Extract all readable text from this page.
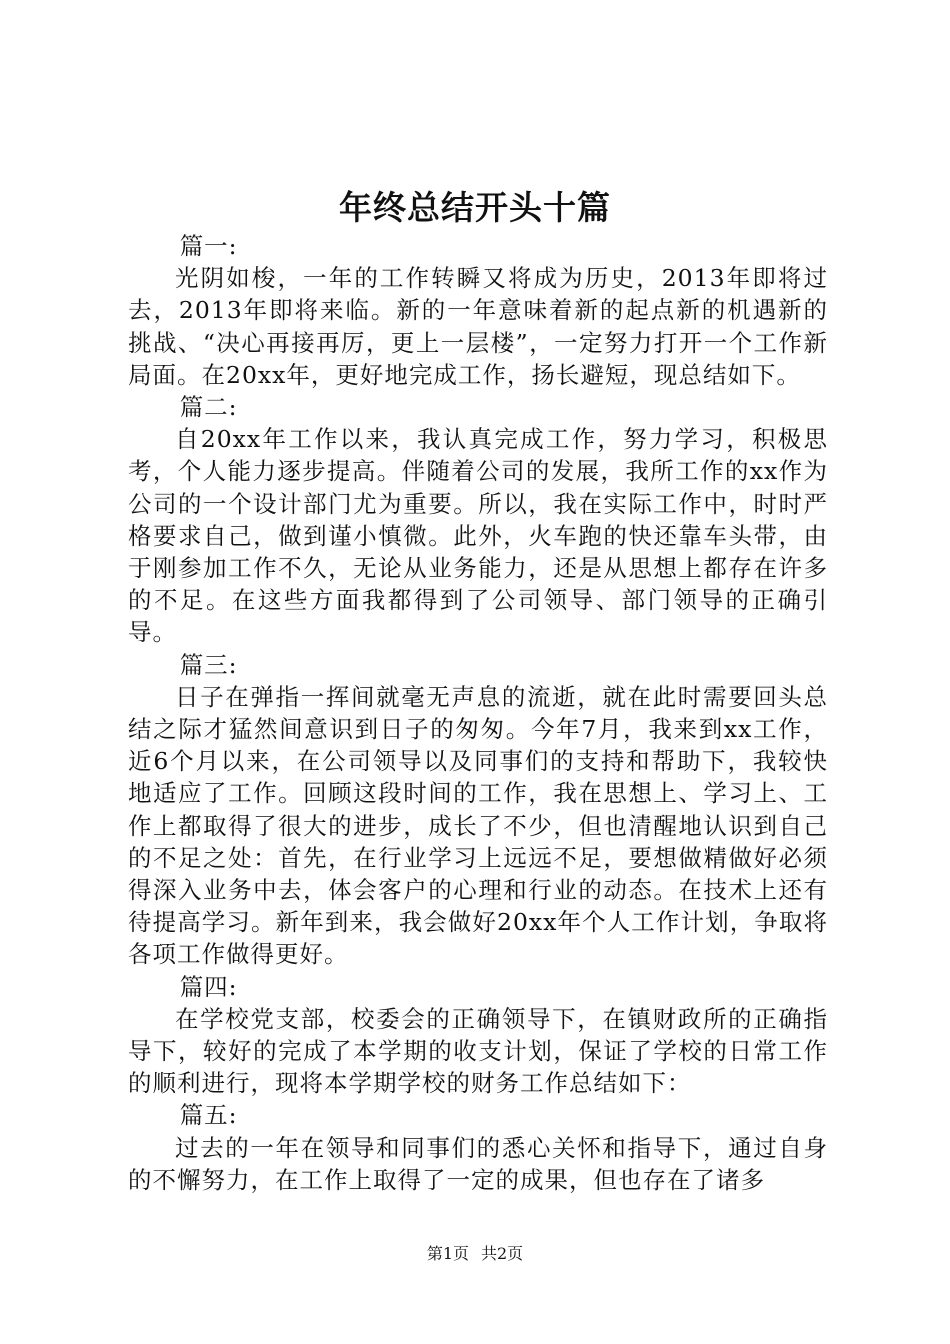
年终总结开头十篇

篇一:

光阴如梭，一年的工作转瞬又将成为历史，2013年即将过去，2013年即将来临。新的一年意味着新的起点新的机遇新的挑战、“决心再接再厉，更上一层楼”，一定努力打开一个工作新局面。在20xx年，更好地完成工作，扬长避短，现总结如下。

篇二:

自20xx年工作以来，我认真完成工作，努力学习，积极思考，个人能力逐步提高。伴随着公司的发展，我所工作的xx作为公司的一个设计部门尤为重要。所以，我在实际工作中，时时严格要求自己，做到谨小慎微。此外，火车跑的快还靠车头带，由于刚参加工作不久，无论从业务能力，还是从思想上都存在许多的不足。在这些方面我都得到了公司领导、部门领导的正确引导。

篇三:

日子在弹指一挥间就毫无声息的流逝，就在此时需要回头总结之际才猛然间意识到日子的匆匆。今年7月，我来到xx工作，近6个月以来，在公司领导以及同事们的支持和帮助下，我较快地适应了工作。回顾这段时间的工作，我在思想上、学习上、工作上都取得了很大的进步，成长了不少，但也清醒地认识到自己的不足之处：首先，在行业学习上远远不足，要想做精做好必须得深入业务中去，体会客户的心理和行业的动态。在技术上还有待提高学习。新年到来，我会做好20xx年个人工作计划，争取将各项工作做得更好。

篇四:

在学校党支部，校委会的正确领导下，在镇财政所的正确指导下，较好的完成了本学期的收支计划，保证了学校的日常工作的顺利进行，现将本学期学校的财务工作总结如下：

篇五:

过去的一年在领导和同事们的悉心关怀和指导下，通过自身的不懈努力，在工作上取得了一定的成果，但也存在了诸多

第1页 共2页
